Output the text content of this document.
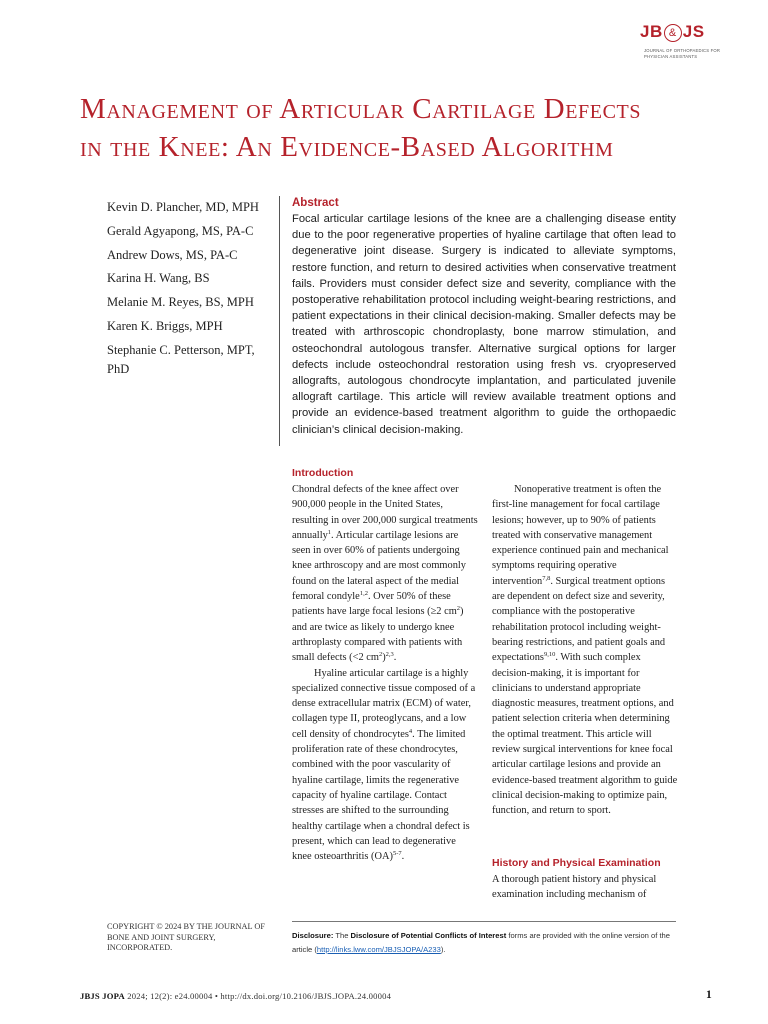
JB & JS
JOURNAL OF ORTHOPAEDICS FOR PHYSICIAN ASSISTANTS
Management of Articular Cartilage Defects
in the Knee: An Evidence-Based Algorithm
Kevin D. Plancher, MD, MPH
Gerald Agyapong, MS, PA-C
Andrew Dows, MS, PA-C
Karina H. Wang, BS
Melanie M. Reyes, BS, MPH
Karen K. Briggs, MPH
Stephanie C. Petterson, MPT, PhD
Abstract
Focal articular cartilage lesions of the knee are a challenging disease entity due to the poor regenerative properties of hyaline cartilage that often lead to degenerative joint disease. Surgery is indicated to alleviate symptoms, restore function, and return to desired activities when conservative treatment fails. Providers must consider defect size and severity, compliance with the postoperative rehabilitation protocol including weight-bearing restrictions, and patient expectations in their clinical decision-making. Smaller defects may be treated with arthroscopic chondroplasty, bone marrow stimulation, and osteochondral autologous transfer. Alternative surgical options for larger defects include osteochondral restoration using fresh vs. cryopreserved allografts, autologous chondrocyte implantation, and particulated juvenile allograft cartilage. This article will review available treatment options and provide an evidence-based treatment algorithm to guide the orthopaedic clinician’s clinical decision-making.
Introduction

Chondral defects of the knee affect over 900,000 people in the United States, resulting in over 200,000 surgical treatments annually$^1$. Articular cartilage lesions are seen in over 60% of patients undergoing knee arthroscopy and are most commonly found on the lateral aspect of the medial femoral condyle$^{1,2}$. Over 50% of these patients have large focal lesions (≥2 $cm^2$) and are twice as likely to undergo knee arthroplasty compared with patients with small defects (<2 $cm^2)^{2,3}$.

Hyaline articular cartilage is a highly specialized connective tissue composed of a dense extracellular matrix (ECM) of water, collagen type II, proteoglycans, and a low cell density of chondrocytes$^4$. The limited proliferation rate of these chondrocytes, combined with the poor vascularity of hyaline cartilage, limits the regenerative capacity of hyaline cartilage. Contact stresses are shifted to the surrounding healthy cartilage when a chondral defect is present, which can lead to degenerative knee osteoarthritis (OA)$^{5-7}$.

Nonoperative treatment is often the first-line management for focal cartilage lesions; however, up to 90% of patients treated with conservative management experience continued pain and mechanical symptoms requiring operative intervention$^{7,8}$. Surgical treatment options are dependent on defect size and severity, compliance with the postoperative rehabilitation protocol including weight-bearing restrictions, and patient goals and expectations$^{9,10}$. With such complex decision-making, it is important for clinicians to understand appropriate diagnostic measures, treatment options, and patient selection criteria when determining the optimal treatment. This article will review surgical interventions for knee focal articular cartilage lesions and provide an evidence-based treatment algorithm to guide clinical decision-making to optimize pain, function, and return to sport.

History and Physical Examination
A thorough patient history and physical examination including mechanism of
COPYRIGHT © 2024 BY THE JOURNAL OF BONE AND JOINT SURGERY, INCORPORATED.
Disclosure: The Disclosure of Potential Conflicts of Interest forms are provided with the online version of the article (http://links.lww.com/JBJSJOPA/A233).
JBJS JOPA 2024; 12(2): e24.00004 • http://dx.doi.org/10.2106/JBJS.JOPA.24.00004	1
